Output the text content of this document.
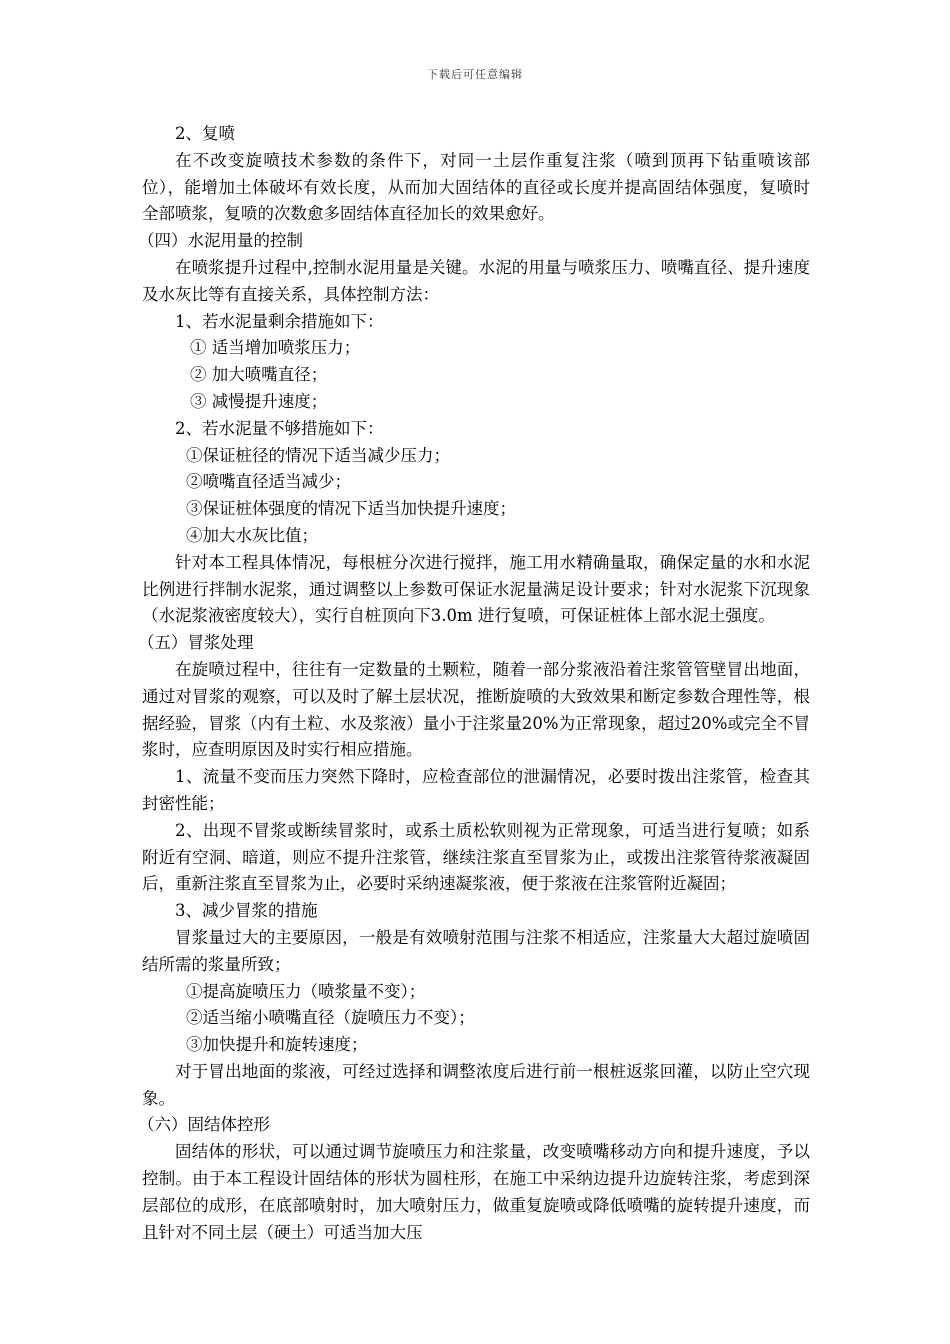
下载后可任意编辑

2、复喷

在不改变旋喷技术参数的条件下，对同一土层作重复注浆（喷到顶再下钻重喷该部位），能增加土体破坏有效长度，从而加大固结体的直径或长度并提高固结体强度，复喷时全部喷浆，复喷的次数愈多固结体直径加长的效果愈好。

（四）水泥用量的控制

在喷浆提升过程中,控制水泥用量是关键。水泥的用量与喷浆压力、喷嘴直径、提升速度及水灰比等有直接关系，具体控制方法：

1、若水泥量剩余措施如下：

① 适当增加喷浆压力；

② 加大喷嘴直径；

③ 减慢提升速度；

2、若水泥量不够措施如下：

①保证桩径的情况下适当减少压力；

②喷嘴直径适当减少；

③保证桩体强度的情况下适当加快提升速度；

④加大水灰比值；

针对本工程具体情况，每根桩分次进行搅拌，施工用水精确量取，确保定量的水和水泥比例进行拌制水泥浆，通过调整以上参数可保证水泥量满足设计要求；针对水泥浆下沉现象（水泥浆液密度较大），实行自桩顶向下3.0m 进行复喷，可保证桩体上部水泥土强度。

（五）冒浆处理

在旋喷过程中，往往有一定数量的土颗粒，随着一部分浆液沿着注浆管管壁冒出地面，通过对冒浆的观察，可以及时了解土层状况，推断旋喷的大致效果和断定参数合理性等，根据经验，冒浆（内有土粒、水及浆液）量小于注浆量20%为正常现象，超过20%或完全不冒浆时，应查明原因及时实行相应措施。

1、流量不变而压力突然下降时，应检查部位的泄漏情况，必要时拨出注浆管，检查其封密性能；

2、出现不冒浆或断续冒浆时，或系土质松软则视为正常现象，可适当进行复喷；如系附近有空洞、暗道，则应不提升注浆管，继续注浆直至冒浆为止，或拨出注浆管待浆液凝固后，重新注浆直至冒浆为止，必要时采纳速凝浆液，便于浆液在注浆管附近凝固；

3、减少冒浆的措施

冒浆量过大的主要原因，一般是有效喷射范围与注浆不相适应，注浆量大大超过旋喷固结所需的浆量所致；

①提高旋喷压力（喷浆量不变）；

②适当缩小喷嘴直径（旋喷压力不变）；

③加快提升和旋转速度；

对于冒出地面的浆液，可经过选择和调整浓度后进行前一根桩返浆回灌，以防止空穴现象。

（六）固结体控形

固结体的形状，可以通过调节旋喷压力和注浆量，改变喷嘴移动方向和提升速度，予以控制。由于本工程设计固结体的形状为圆柱形，在施工中采纳边提升边旋转注浆，考虑到深层部位的成形，在底部喷射时，加大喷射压力，做重复旋喷或降低喷嘴的旋转提升速度，而且针对不同土层（硬土）可适当加大压
